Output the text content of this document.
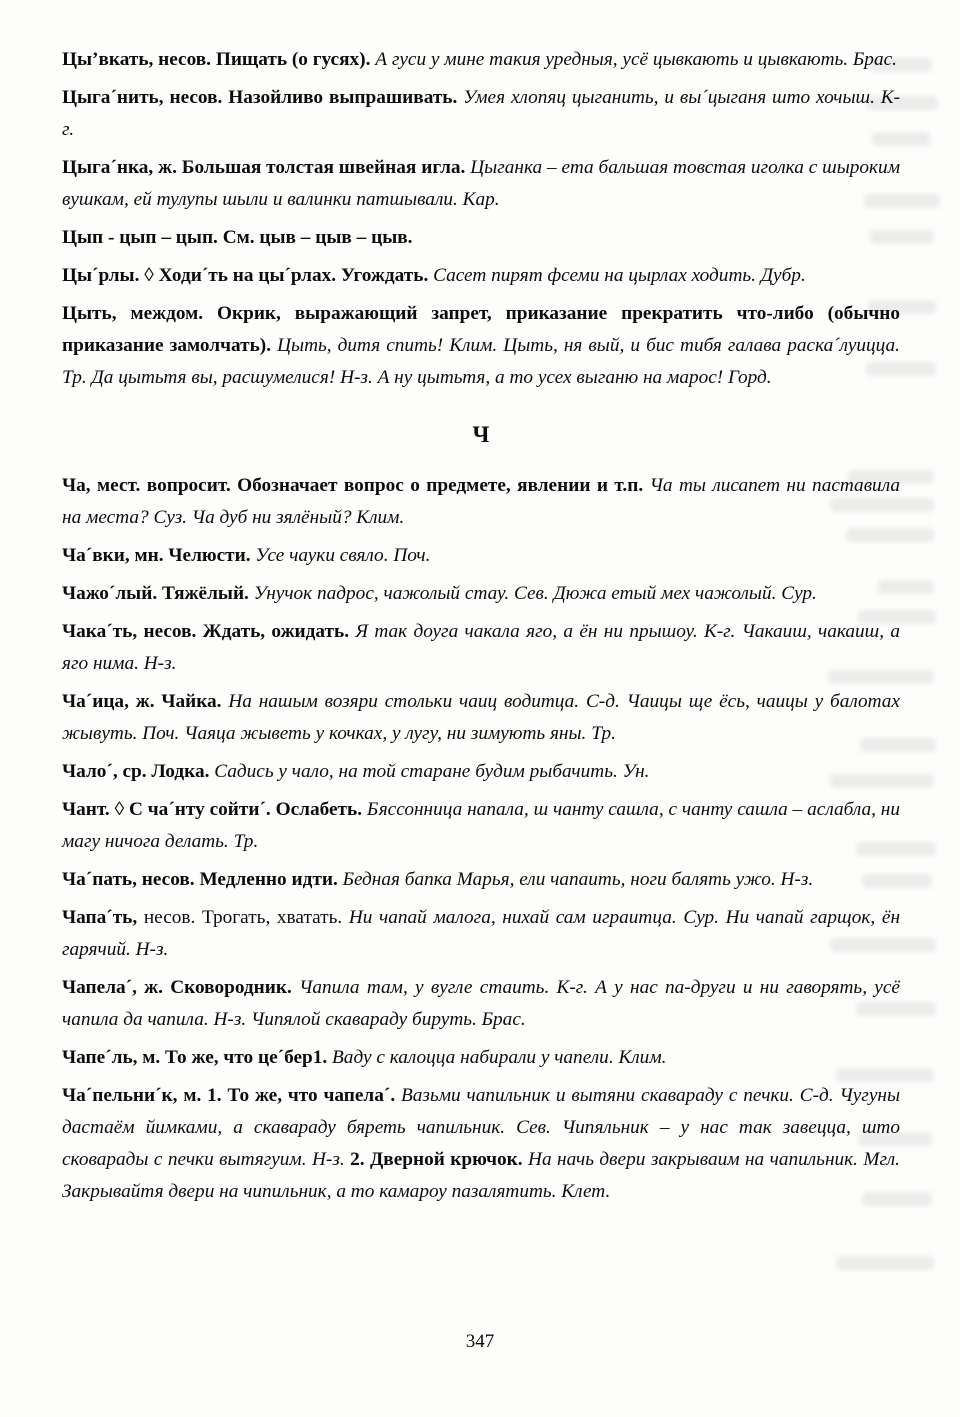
Цы’вкать, несов. Пищать (о гусях). А гуси у мине такия уредныя, усё цывкають и цывкають. Брас.

Цыга´нить, несов. Назойливо выпрашивать. Умея хлопяц цыганить, и вы´цыганя што хочыш. К-г.

Цыга´нка, ж. Большая толстая швейная игла. Цыганка – ета бальшая товстая иголка с шыроким вушкам, ей тулупы шыли и валинки патшывали. Кар.

Цып - цып – цып. См. цыв – цыв – цыв.

Цы´рлы. ◊ Ходи´ть на цы´рлах. Угождать. Сасет пирят фсеми на цырлах ходить. Дубр.

Цыть, междом. Окрик, выражающий запрет, приказание прекратить что-либо (обычно приказание замолчать). Цыть, дитя спить! Клим. Цыть, ня вый, и бис тибя галава раска´луицца. Тр. Да цытьтя вы, расшумелися! Н-з. А ну цытьтя, а то усех выганю на марос! Горд.

Ч

Ча, мест. вопросит. Обозначает вопрос о предмете, явлении и т.п. Ча ты лисапет ни паставила на места? Суз. Ча дуб ни зялёный? Клим.

Ча´вки, мн. Челюсти. Усе чауки свяло. Поч.

Чажо´лый. Тяжёлый. Унучок падрос, чажолый стау. Сев. Дюжа етый мех чажолый. Сур.

Чака´ть, несов. Ждать, ожидать. Я так доуга чакала яго, а ён ни прышоу. К-г. Чакаиш, чакаиш, а яго нима. Н-з.

Ча´ица, ж. Чайка. На нашым возяри стольки чаиц водитца. С-д. Чаицы ще ёсь, чаицы у балотах жывуть. Поч. Чаяца жыветь у кочках, у лугу, ни зимують яны. Тр.

Чало´, ср. Лодка. Садись у чало, на той старане будим рыбачить. Ун.

Чант. ◊ С ча´нту сойти´. Ослабеть. Бяссонница напала, ш чанту сашла, с чанту сашла – аслабла, ни магу ничога делать. Тр.

Ча´пать, несов. Медленно идти. Бедная бапка Марья, ели чапаить, ноги балять ужо. Н-з.

Чапа´ть, несов. Трогать, хватать. Ни чапай малога, нихай сам играитца. Сур. Ни чапай гарщок, ён гарячий. Н-з.

Чапела´, ж. Сковородник. Чапила там, у вугле стаить. К-г. А у нас па-други и ни гаворять, усё чапила да чапила. Н-з. Чипялой скавараду бируть. Брас.

Чапе´ль, м. То же, что це´бер1. Ваду с калоцца набирали у чапели. Клим.

Ча´пельни´к, м. 1. То же, что чапела´. Вазьми чапильник и вытяни скавараду с печки. С-д. Чугуны дастаём йимками, а скавараду бяреть чапильник. Сев. Чипяльник – у нас так завецца, што сковарады с печки вытягуим. Н-з. 2. Дверной крючок. На начь двери закрываим на чапильник. Мгл. Закрывайтя двери на чипильник, а то камароу пазалятить. Клет.

347
